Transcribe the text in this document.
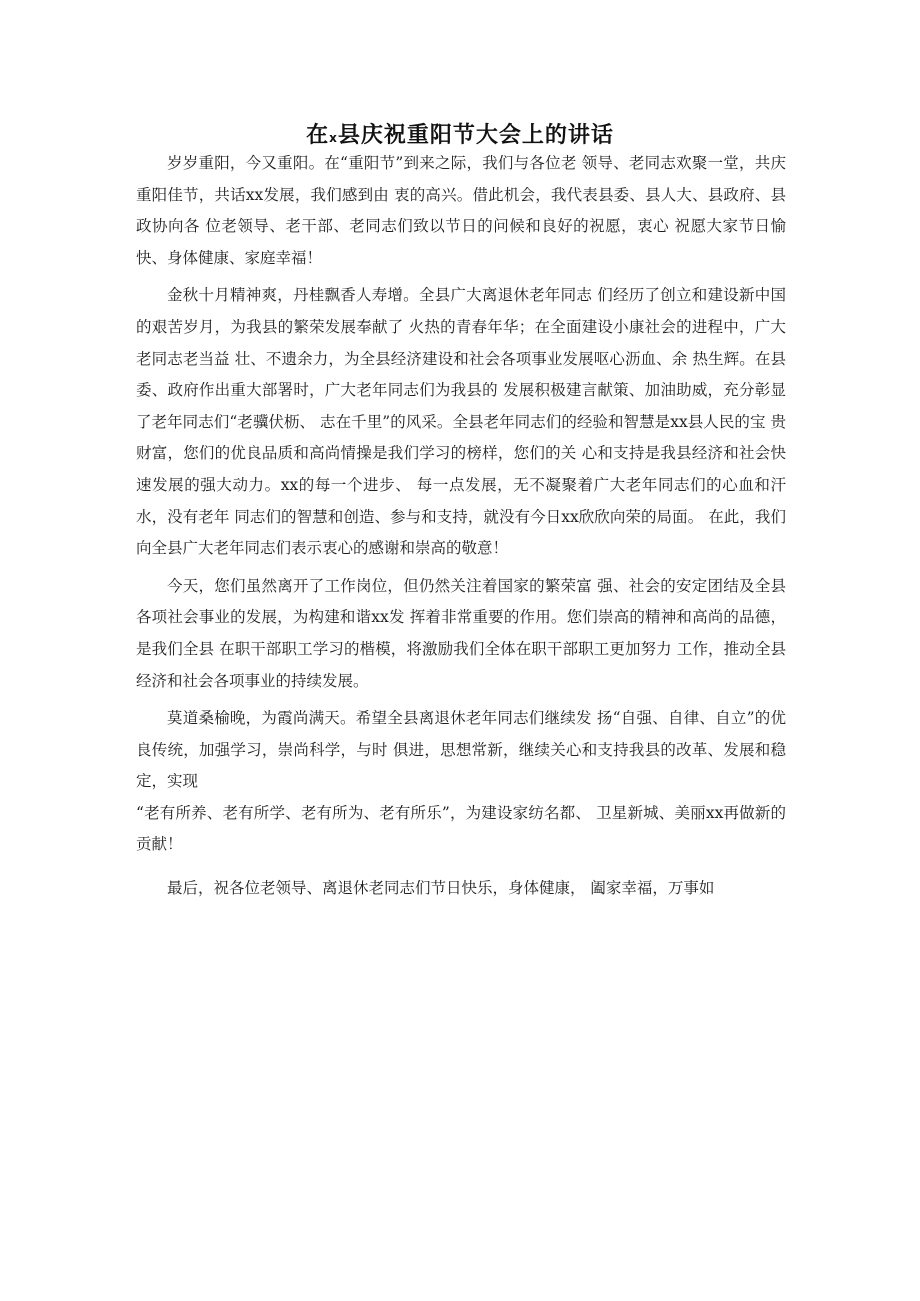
在x县庆祝重阳节大会上的讲话

岁岁重阳，今又重阳。在“重阳节”到来之际，我们与各位老 领导、老同志欢聚一堂，共庆重阳佳节，共话xx发展，我们感到由 衷的高兴。借此机会，我代表县委、县人大、县政府、县政协向各 位老领导、老干部、老同志们致以节日的问候和良好的祝愿，衷心 祝愿大家节日愉快、身体健康、家庭幸福！

金秋十月精神爽，丹桂飘香人寿增。全县广大离退休老年同志 们经历了创立和建设新中国的艰苦岁月，为我县的繁荣发展奉献了 火热的青春年华；在全面建设小康社会的进程中，广大老同志老当益 壮、不遗余力，为全县经济建设和社会各项事业发展呕心沥血、余 热生辉。在县委、政府作出重大部署时，广大老年同志们为我县的 发展积极建言献策、加油助威，充分彰显了老年同志们“老骥伏枥、 志在千里”的风采。全县老年同志们的经验和智慧是xx县人民的宝 贵财富，您们的优良品质和高尚情操是我们学习的榜样，您们的关 心和支持是我县经济和社会快速发展的强大动力。xx的每一个进步、 每一点发展，无不凝聚着广大老年同志们的心血和汗水，没有老年 同志们的智慧和创造、参与和支持，就没有今日xx欣欣向荣的局面。 在此，我们向全县广大老年同志们表示衷心的感谢和崇高的敬意！

今天，您们虽然离开了工作岗位，但仍然关注着国家的繁荣富 强、社会的安定团结及全县各项社会事业的发展，为构建和谐xx发 挥着非常重要的作用。您们崇高的精神和高尚的品德，是我们全县 在职干部职工学习的楷模，将激励我们全体在职干部职工更加努力 工作，推动全县经济和社会各项事业的持续发展。

莫道桑榆晚，为霞尚满天。希望全县离退休老年同志们继续发 扬“自强、自律、自立”的优良传统，加强学习，崇尚科学，与时 俱进，思想常新，继续关心和支持我县的改革、发展和稳定，实现

“老有所养、老有所学、老有所为、老有所乐”，为建设家纺名都、 卫星新城、美丽xx再做新的贡献！

最后，祝各位老领导、离退休老同志们节日快乐，身体健康， 阖家幸福，万事如
